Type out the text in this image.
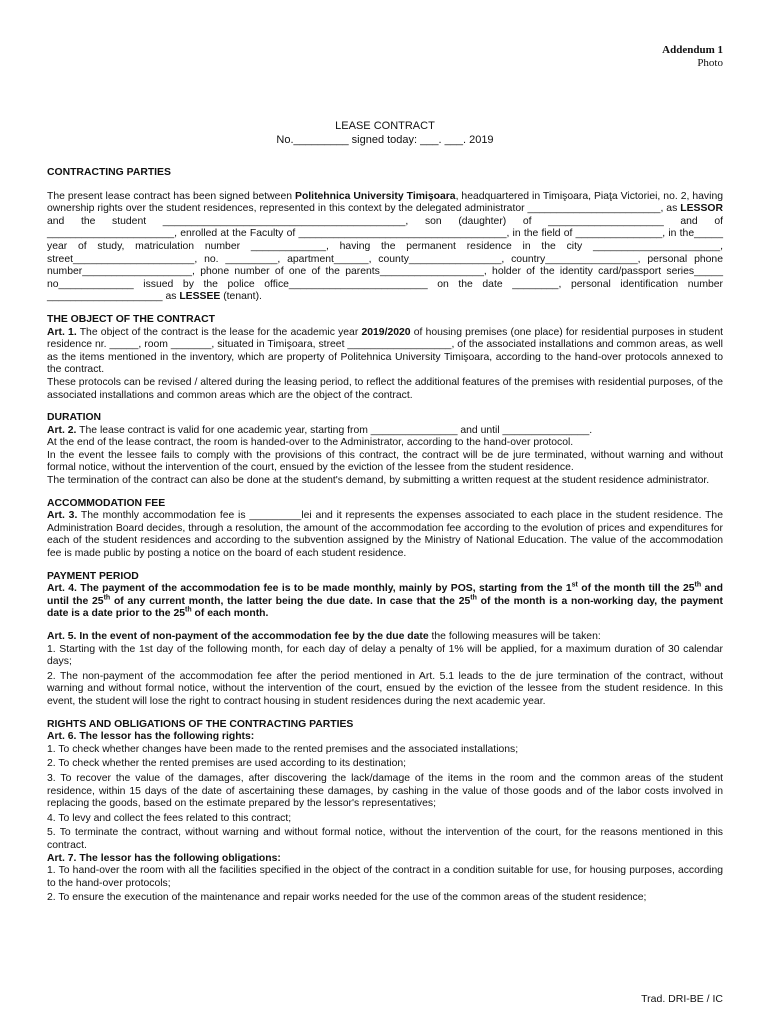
Addendum 1
Photo
LEASE CONTRACT
No._________ signed today: ___. ___. 2019

CONTRACTING PARTIES

The present lease contract has been signed between Politehnica University Timişoara, headquartered in Timişoara, Piaţa Victoriei, no. 2, having ownership rights over the student residences, represented in this context by the delegated administrator _______________________, as LESSOR and the student __________________________________________, son (daughter) of ____________________ and of ______________________, enrolled at the Faculty of ____________________________________, in the field of _______________, in the_____ year of study, matriculation number _____________, having the permanent residence in the city ______________________, street_____________________, no. _________, apartment______, county________________, country________________, personal phone number___________________, phone number of one of the parents__________________, holder of the identity card/passport series_____ no_____________ issued by the police office________________________ on the date ________, personal identification number ____________________ as LESSEE (tenant).

THE OBJECT OF THE CONTRACT

Art. 1. The object of the contract is the lease for the academic year 2019/2020 of housing premises (one place) for residential purposes in student residence nr. _____, room _______, situated in Timişoara, street __________________, of the associated installations and common areas, as well as the items mentioned in the inventory, which are property of Politehnica University Timişoara, according to the hand-over protocols annexed to the contract.

These protocols can be revised / altered during the leasing period, to reflect the additional features of the premises with residential purposes, of the associated installations and common areas which are the object of the contract.

DURATION

Art. 2. The lease contract is valid for one academic year, starting from _______________ and until _______________.

At the end of the lease contract, the room is handed-over to the Administrator, according to the hand-over protocol.

In the event the lessee fails to comply with the provisions of this contract, the contract will be de jure terminated, without warning and without formal notice, without the intervention of the court, ensued by the eviction of the lessee from the student residence.

The termination of the contract can also be done at the student's demand, by submitting a written request at the student residence administrator.

ACCOMMODATION FEE

Art. 3. The monthly accommodation fee is _________lei and it represents the expenses associated to each place in the student residence. The Administration Board decides, through a resolution, the amount of the accommodation fee according to the evolution of prices and expenditures for each of the student residences and according to the subvention assigned by the Ministry of National Education. The value of the accommodation fee is made public by posting a notice on the board of each student residence.

PAYMENT PERIOD

Art. 4. The payment of the accommodation fee is to be made monthly, mainly by POS, starting from the 1st of the month till the 25th and until the 25th of any current month, the latter being the due date. In case that the 25th of the month is a non-working day, the payment date is a date prior to the 25th of each month.

Art. 5. In the event of non-payment of the accommodation fee by the due date the following measures will be taken:

1. Starting with the 1st day of the following month, for each day of delay a penalty of 1% will be applied, for a maximum duration of 30 calendar days;

2. The non-payment of the accommodation fee after the period mentioned in Art. 5.1 leads to the de jure termination of the contract, without warning and without formal notice, without the intervention of the court, ensued by the eviction of the lessee from the student residence. In this event, the student will lose the right to contract housing in student residences during the next academic year.

RIGHTS AND OBLIGATIONS OF THE CONTRACTING PARTIES

Art. 6. The lessor has the following rights:

1. To check whether changes have been made to the rented premises and the associated installations;

2. To check whether the rented premises are used according to its destination;

3. To recover the value of the damages, after discovering the lack/damage of the items in the room and the common areas of the student residence, within 15 days of the date of ascertaining these damages, by cashing in the value of those goods and of the labor costs involved in replacing the goods, based on the estimate prepared by the lessor's representatives;

4. To levy and collect the fees related to this contract;

5. To terminate the contract, without warning and without formal notice, without the intervention of the court, for the reasons mentioned in this contract.

Art. 7. The lessor has the following obligations:

1. To hand-over the room with all the facilities specified in the object of the contract in a condition suitable for use, for housing purposes, according to the hand-over protocols;

2. To ensure the execution of the maintenance and repair works needed for the use of the common areas of the student residence;

Trad. DRI-BE / IC
